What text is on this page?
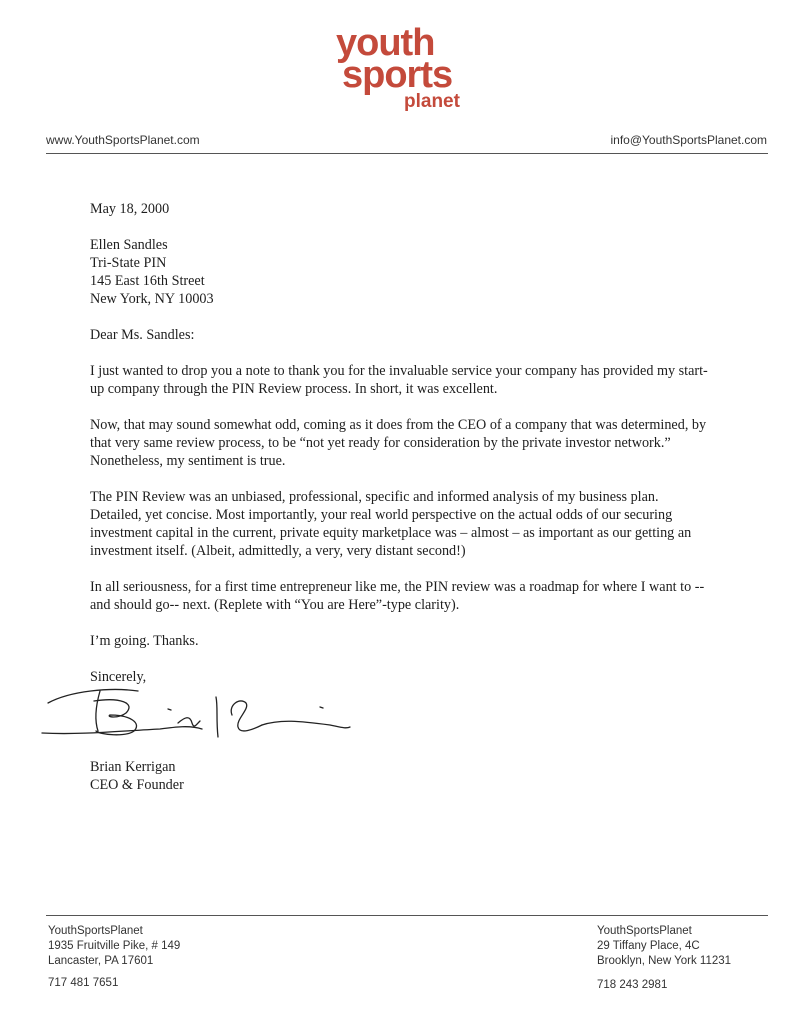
youth
sports
planet
www.YouthSportsPlanet.com	info@YouthSportsPlanet.com
May 18, 2000

Ellen Sandles

Tri-State PIN

145 East 16th Street

New York, NY 10003

Dear Ms. Sandles:
I just wanted to drop you a note to thank you for the invaluable service your company has provided my start-up company through the PIN Review process. In short, it was excellent.
Now, that may sound somewhat odd, coming as it does from the CEO of a company that was determined, by that very same review process, to be “not yet ready for consideration by the private investor network.” Nonetheless, my sentiment is true.
The PIN Review was an unbiased, professional, specific and informed analysis of my business plan. Detailed, yet concise. Most importantly, your real world perspective on the actual odds of our securing investment capital in the current, private equity marketplace was – almost – as important as our getting an investment itself. (Albeit, admittedly, a very, very distant second!)
In all seriousness, for a first time entrepreneur like me, the PIN review was a roadmap for where I want to --and should go-- next. (Replete with “You are Here”-type clarity).
I’m going. Thanks.
Sincerely,

Brian Kerrigan

CEO & Founder

YouthSportsPlanet
1935 Fruitville Pike, # 149
Lancaster, PA 17601
717 481 7651
YouthSportsPlanet
29 Tiffany Place, 4C
Brooklyn, New York 11231
718 243 2981
